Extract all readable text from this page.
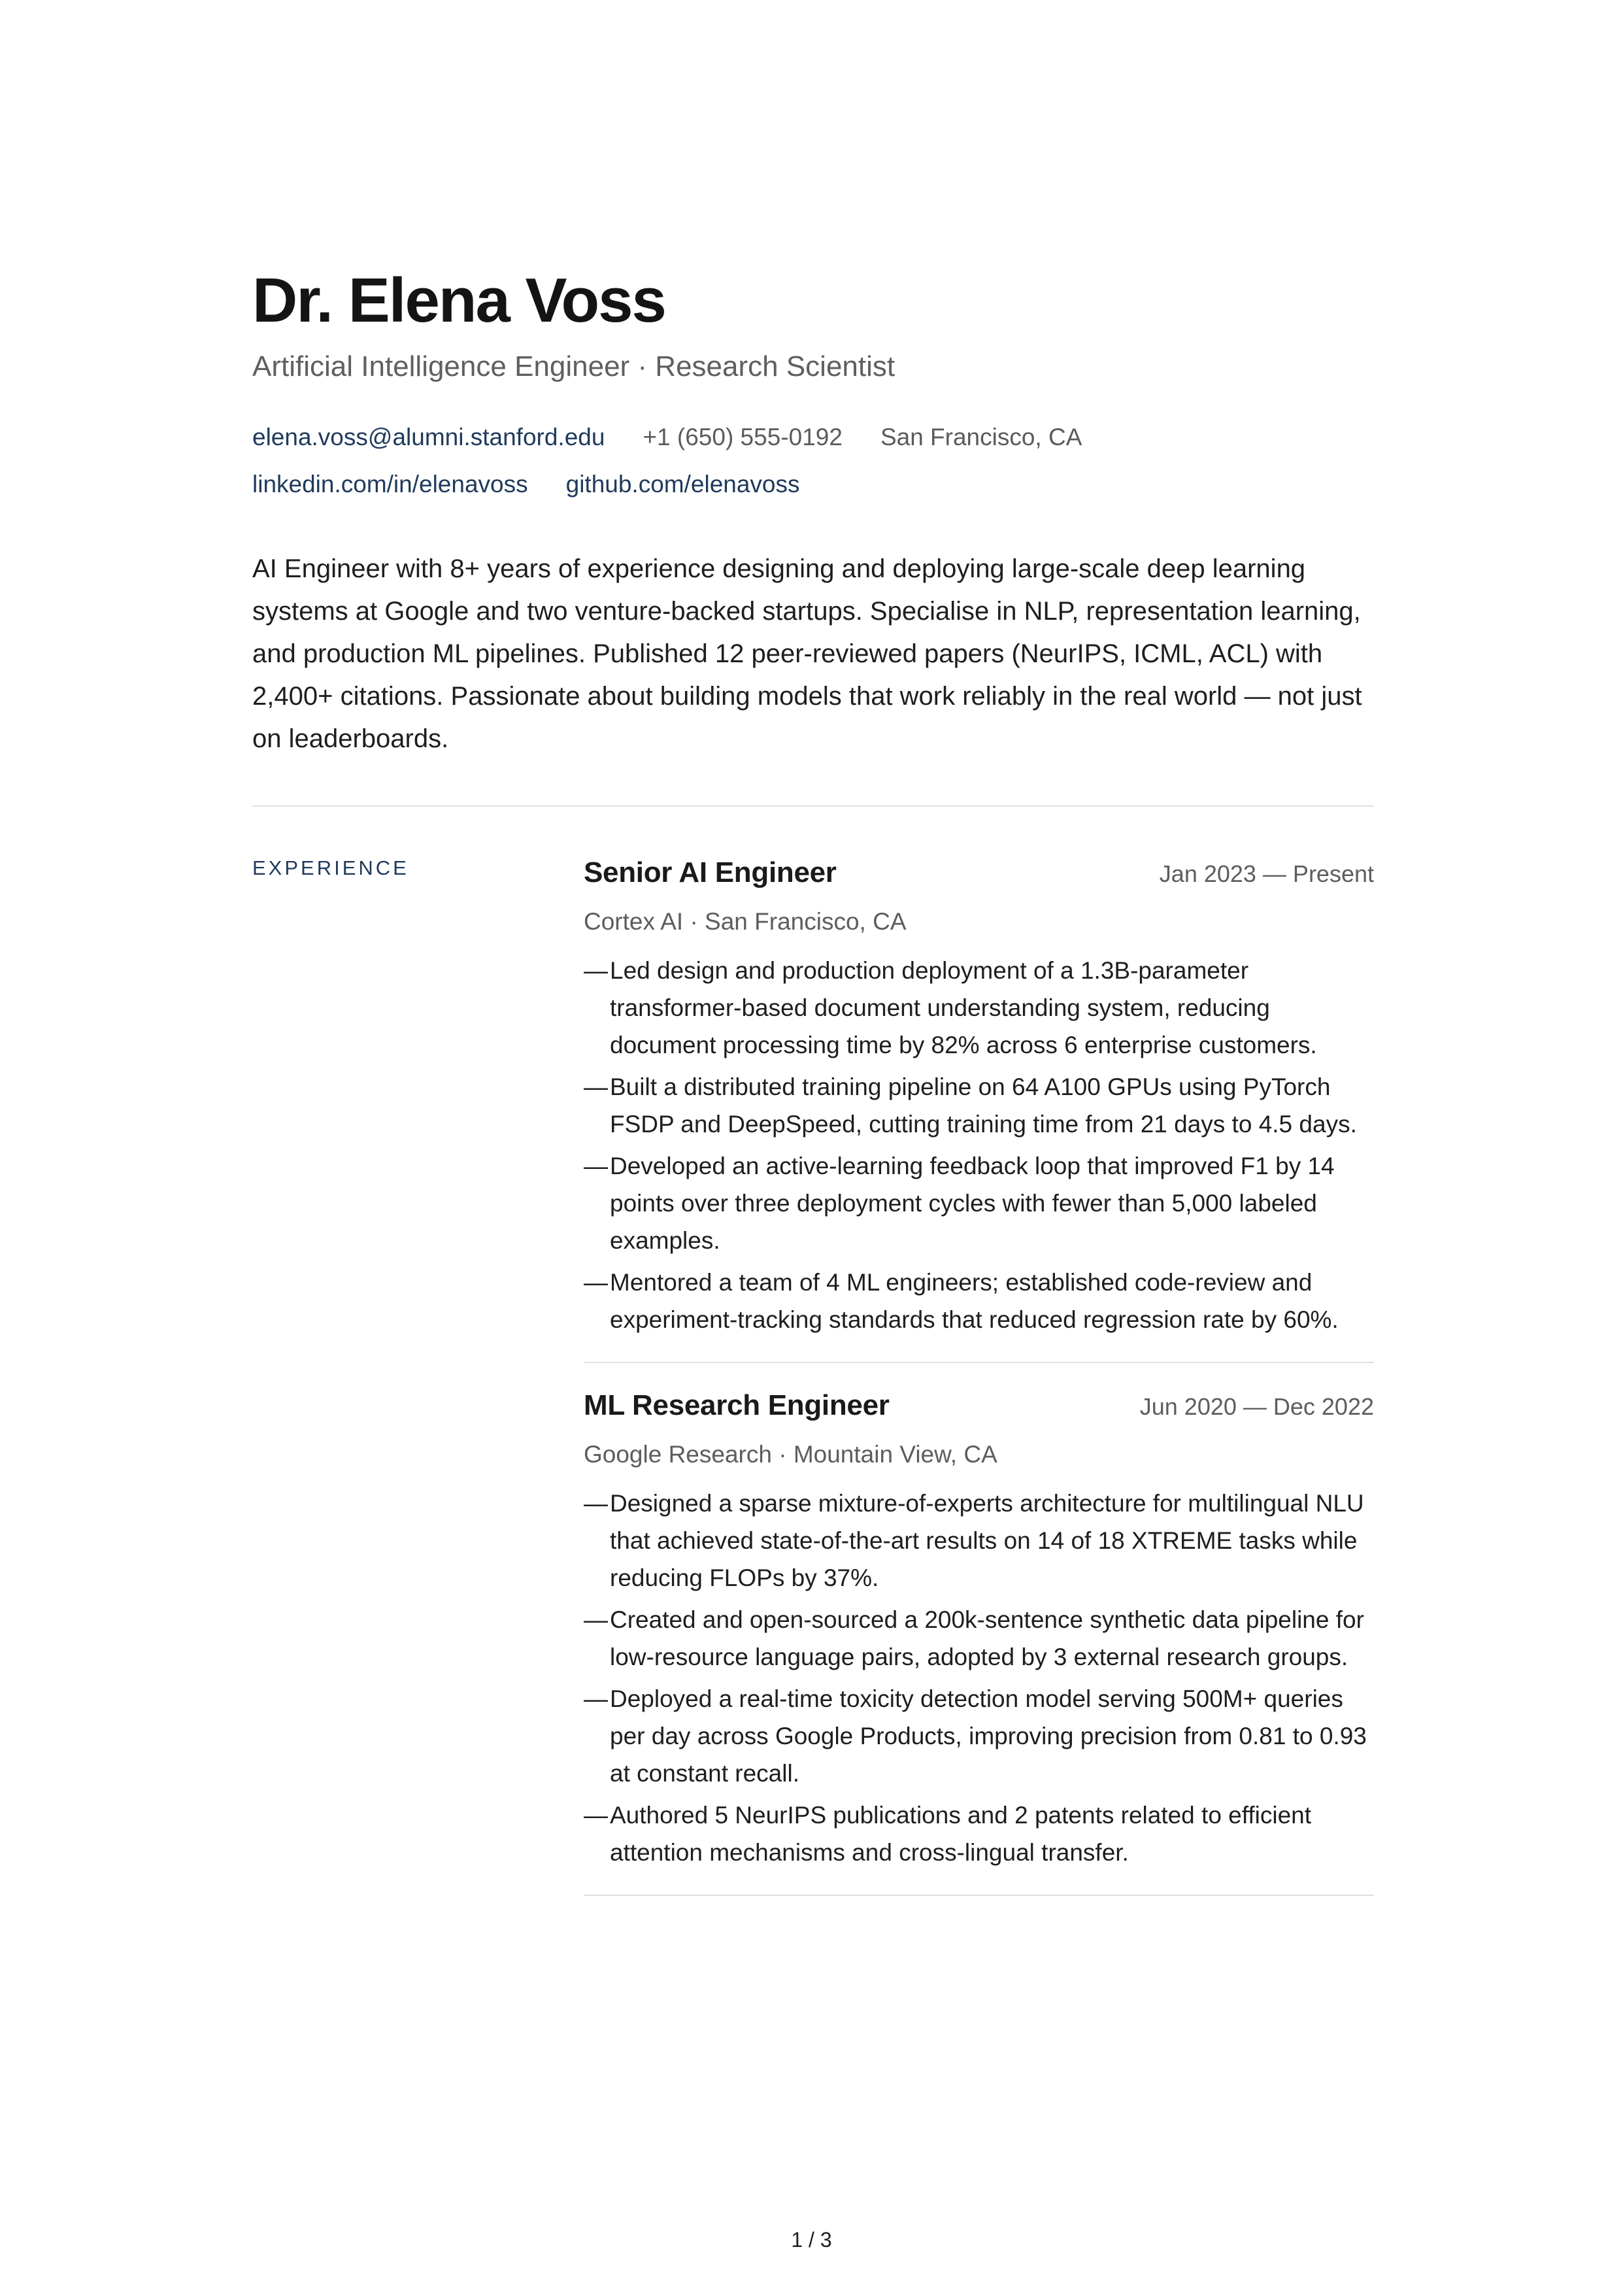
Dr. Elena Voss
Artificial Intelligence Engineer · Research Scientist
elena.voss@alumni.stanford.edu +1 (650) 555-0192 San Francisco, CA
linkedin.com/in/elenavoss github.com/elenavoss
AI Engineer with 8+ years of experience designing and deploying large-scale deep learning systems at Google and two venture-backed startups. Specialise in NLP, representation learning, and production ML pipelines. Published 12 peer-reviewed papers (NeurIPS, ICML, ACL) with 2,400+ citations. Passionate about building models that work reliably in the real world — not just on leaderboards.
EXPERIENCE	Senior AI Engineer	Jan 2023 — Present
Cortex AI · San Francisco, CA
— Led design and production deployment of a 1.3B-parameter transformer-based document understanding system, reducing document processing time by 82% across 6 enterprise customers.
— Built a distributed training pipeline on 64 A100 GPUs using PyTorch FSDP and DeepSpeed, cutting training time from 21 days to 4.5 days.
— Developed an active-learning feedback loop that improved F1 by 14 points over three deployment cycles with fewer than 5,000 labeled examples.
— Mentored a team of 4 ML engineers; established code-review and experiment-tracking standards that reduced regression rate by 60%.
ML Research Engineer	Jun 2020 — Dec 2022
Google Research · Mountain View, CA
— Designed a sparse mixture-of-experts architecture for multilingual NLU that achieved state-of-the-art results on 14 of 18 XTREME tasks while reducing FLOPs by 37%.
— Created and open-sourced a 200k-sentence synthetic data pipeline for low-resource language pairs, adopted by 3 external research groups.
— Deployed a real-time toxicity detection model serving 500M+ queries per day across Google Products, improving precision from 0.81 to 0.93 at constant recall.
— Authored 5 NeurIPS publications and 2 patents related to efficient attention mechanisms and cross-lingual transfer.
1 / 3
